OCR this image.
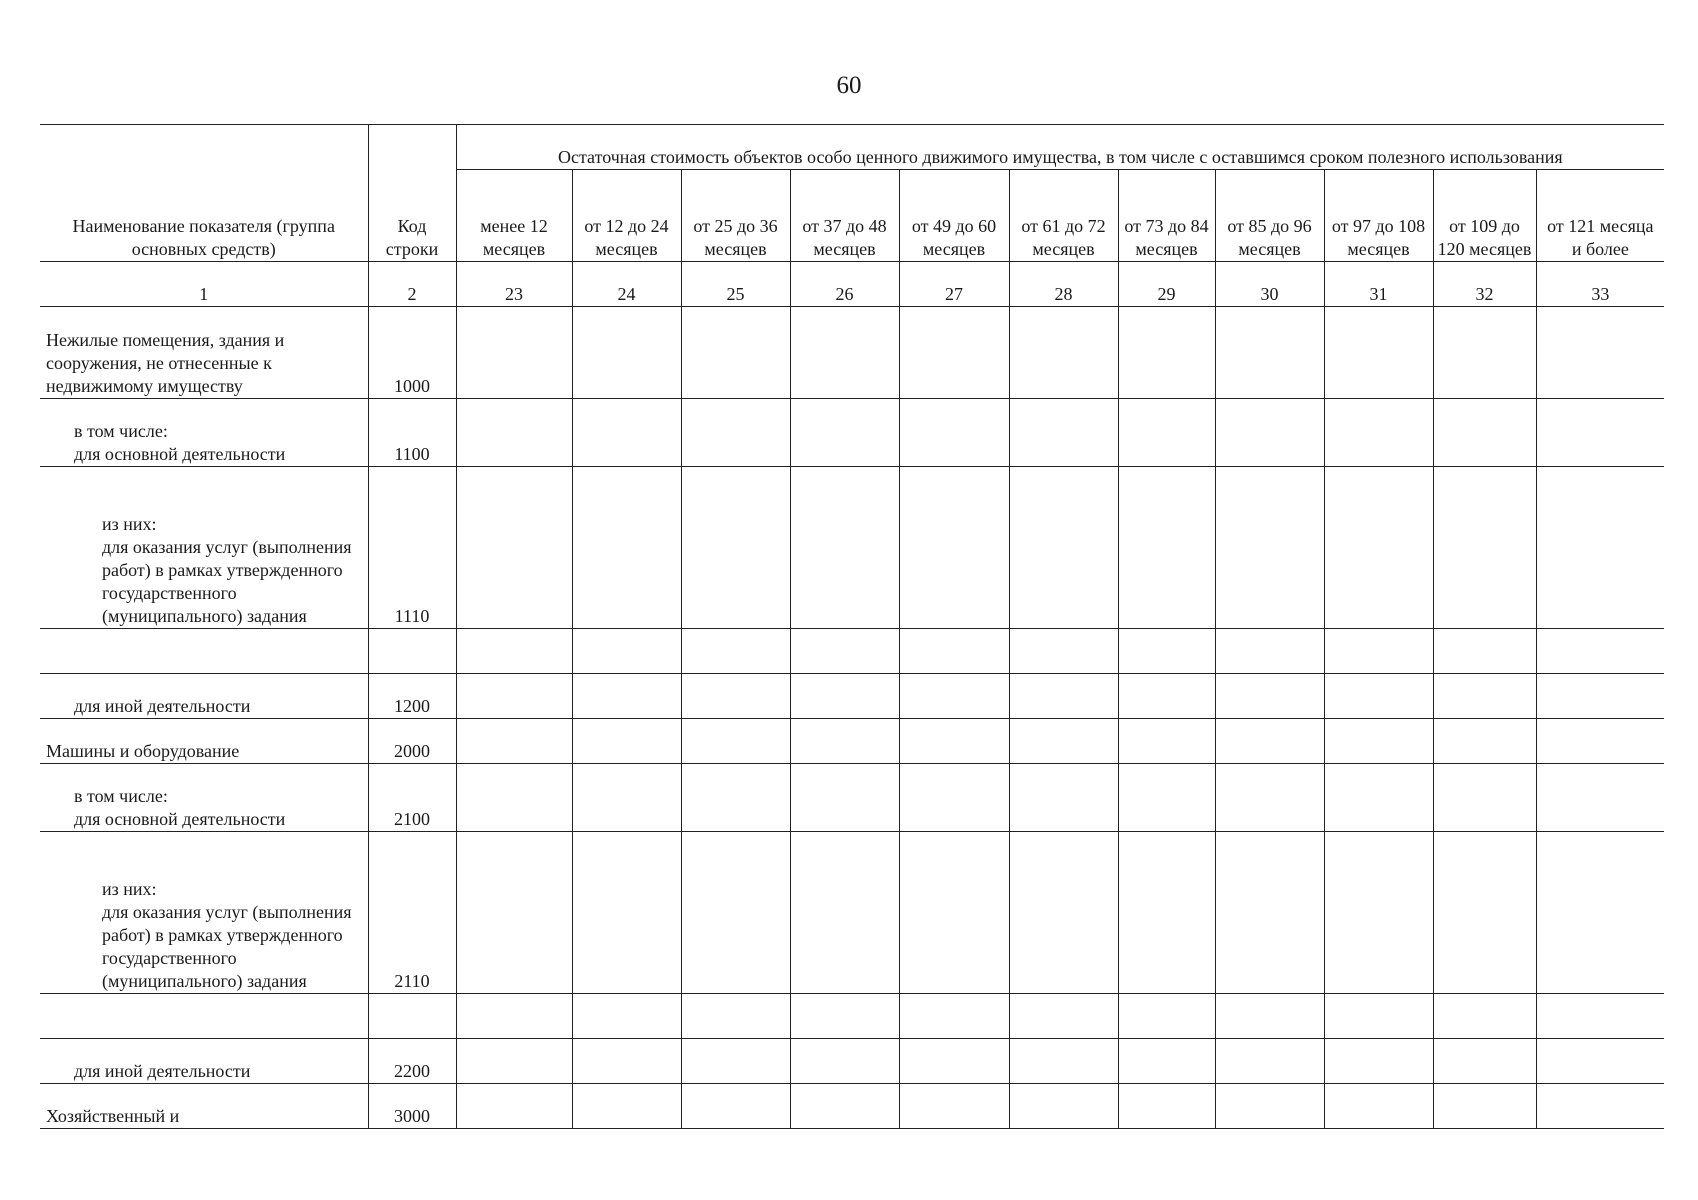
60
Наименование показателя (группа основных средств)	Код строки	Остаточная стоимость объектов особо ценного движимого имущества, в том числе с оставшимся сроком полезного использования										
		менее 12 месяцев	от 12 до 24 месяцев	от 25 до 36 месяцев	от 37 до 48 месяцев	от 49 до 60 месяцев	от 61 до 72 месяцев	от 73 до 84 месяцев	от 85 до 96 месяцев	от 97 до 108 месяцев	от 109 до 120 месяцев	от 121 месяца и более
1	2	23	24	25	26	27	28	29	30	31	32	33
Нежилые помещения, здания и сооружения, не отнесенные к недвижимому имуществу	1000											
в том числе:
для основной деятельности	1100											
из них:
для оказания услуг (выполнения работ) в рамках утвержденного государственного (муниципального) задания	1110											

для иной деятельности	1200											
Машины и оборудование	2000											
в том числе:
для основной деятельности	2100											
из них:
для оказания услуг (выполнения работ) в рамках утвержденного государственного (муниципального) задания	2110											

для иной деятельности	2200											
Хозяйственный и	3000											
